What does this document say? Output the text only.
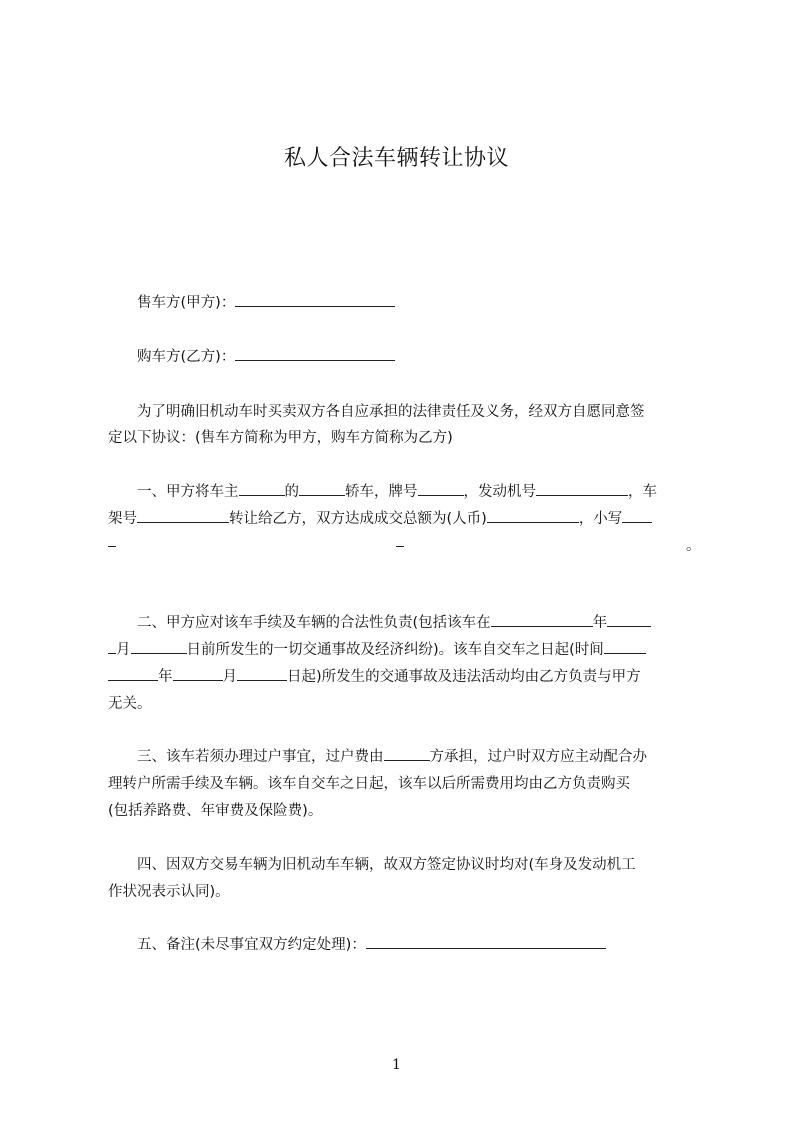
私人合法车辆转让协议
售车方(甲方)：
购车方(乙方)：
为了明确旧机动车时买卖双方各自应承担的法律责任及义务，经双方自愿同意签
定以下协议：(售车方简称为甲方，购车方简称为乙方)
一、甲方将车主	的	轿车，牌号	，发动机号	，车
架号	转让给乙方，双方达成成交总额为(人币)	，小写
。
二、甲方应对该车手续及车辆的合法性负责(包括该车在	年
月	日前所发生的一切交通事故及经济纠纷)。该车自交车之日起(时间
年	月	日起)所发生的交通事故及违法活动均由乙方负责与甲方
无关。
三、该车若须办理过户事宜，过户费由	方承担，过户时双方应主动配合办
理转户所需手续及车辆。该车自交车之日起，该车以后所需费用均由乙方负责购买
(包括养路费、年审费及保险费)。
四、因双方交易车辆为旧机动车车辆，故双方签定协议时均对(车身及发动机工
作状况表示认同)。
五、备注(未尽事宜双方约定处理)：
1
